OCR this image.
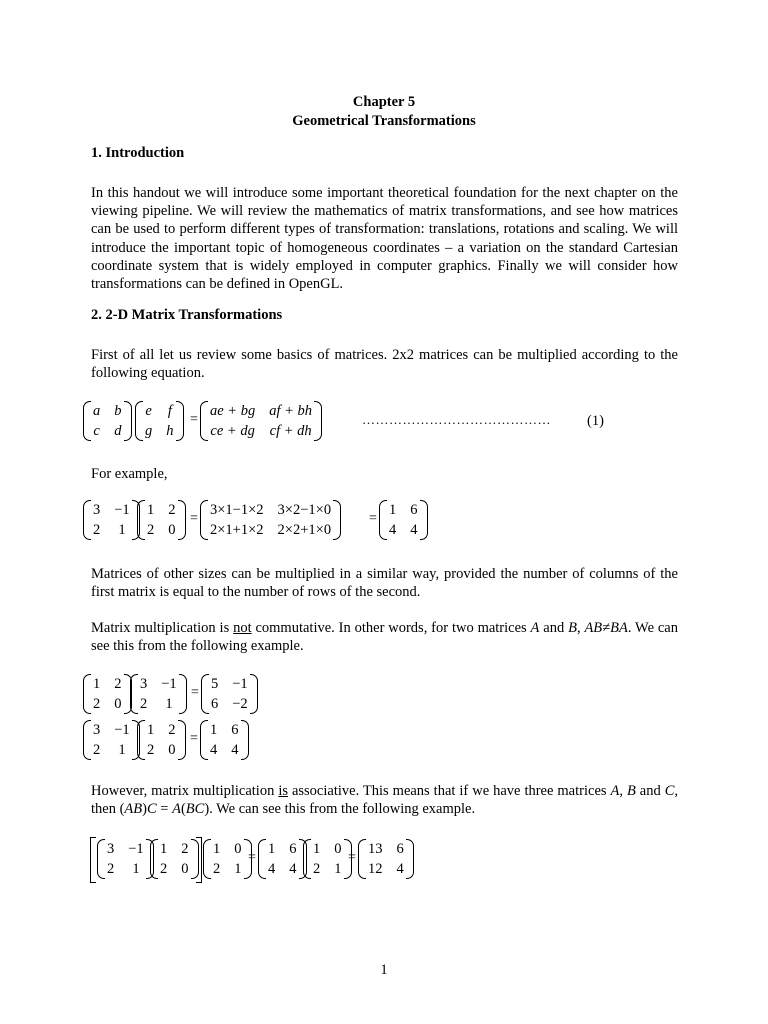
Chapter 5
Geometrical Transformations
1. Introduction
In this handout we will introduce some important theoretical foundation for the next chapter on the viewing pipeline. We will review the mathematics of matrix transformations, and see how matrices can be used to perform different types of transformation: translations, rotations and scaling. We will introduce the important topic of homogeneous coordinates – a variation on the standard Cartesian coordinate system that is widely employed in computer graphics. Finally we will consider how transformations can be defined in OpenGL.
2. 2-D Matrix Transformations
First of all let us review some basics of matrices. 2x2 matrices can be multiplied according to the following equation.
a b
c d
e f
g h
=
ae + bg af + bh
ce + dg cf + dh
…………………………………… (1)
For example,
3 −1
2 1
1 2
2 0
=
3×1−1×2 3×2−1×0
2×1+1×2 2×2+1×0
=
1 6
4 4
Matrices of other sizes can be multiplied in a similar way, provided the number of columns of the first matrix is equal to the number of rows of the second.
Matrix multiplication is not commutative. In other words, for two matrices A and B, AB≠BA. We can see this from the following example.
1 2
2 0
3 −1
2 1
=
5 −1
6 −2
3 −1
2 1
1 2
2 0
=
1 6
4 4
However, matrix multiplication is associative. This means that if we have three matrices A, B and C, then (AB)C = A(BC). We can see this from the following example.
3 −1
2 1
1 2
2 0
1 0
2 1
=
1 6
4 4
1 0
2 1
=
13 6
12 4
1
